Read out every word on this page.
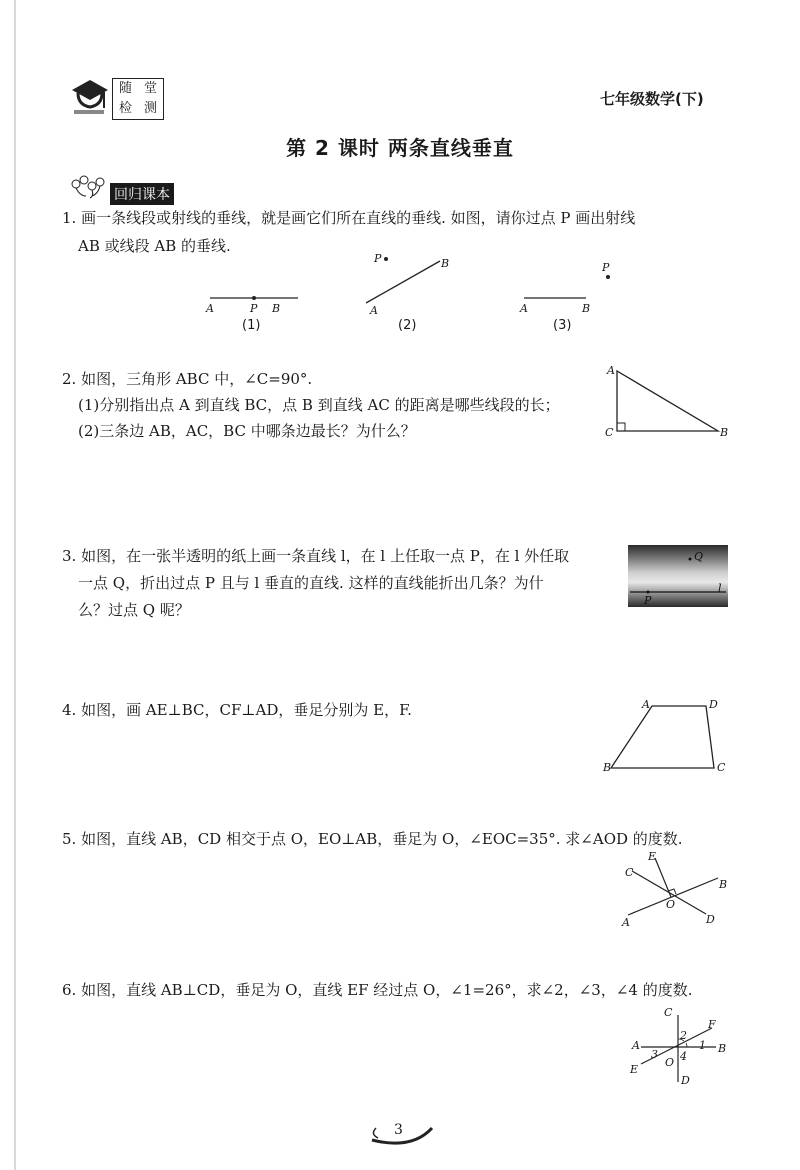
随 堂
检 测
七年级数学(下)
第 2 课时 两条直线垂直
回归课本
1. 画一条线段或射线的垂线，就是画它们所在直线的垂线. 如图，请你过点 P 画出射线
AB 或线段 AB 的垂线.
A	P B
P	B
A	A	B
P
(1)	(2)	(3)
2. 如图，三角形 ABC 中，∠C=90°.
(1)分别指出点 A 到直线 BC，点 B 到直线 AC 的距离是哪些线段的长；
(2)三条边 AB，AC，BC 中哪条边最长？为什么？
A
C	B
3. 如图，在一张半透明的纸上画一条直线 l，在 l 上任取一点 P，在 l 外任取
一点 Q，折出过点 P 且与 l 垂直的直线. 这样的直线能折出几条？为什
么？过点 Q 呢？
Q
P
l
4. 如图，画 AE⊥BC，CF⊥AD，垂足分别为 E，F.	A	D
B	C
5. 如图，直线 AB，CD 相交于点 O，EO⊥AB，垂足为 O，∠EOC=35°. 求∠AOD 的度数.
E
C
B
O
A	D
6. 如图，直线 AB⊥CD，垂足为 O，直线 EF 经过点 O，∠1=26°，求∠2，∠3，∠4 的度数.
C
F
2
A	1 B
3 4
O
E
D
3
